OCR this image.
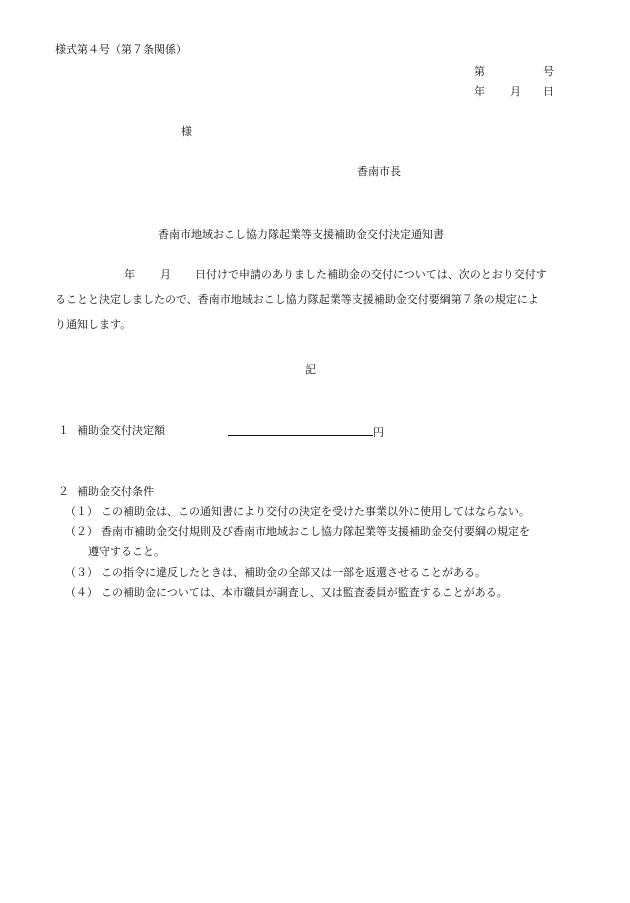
様式第４号（第７条関係）
第	号
年 月 日
様
香南市長
香南市地域おこし協力隊起業等支援補助金交付決定通知書
年 月 日付けで申請のありました補助金の交付については、次のとおり交付す
ることと決定しましたので、香南市地域おこし協力隊起業等支援補助金交付要綱第７条の規定によ
り通知します。
記
１ 補助金交付決定額	円
２ 補助金交付条件
（１） この補助金は、この通知書により交付の決定を受けた事業以外に使用してはならない。
（２） 香南市補助金交付規則及び香南市地域おこし協力隊起業等支援補助金交付要綱の規定を
遵守すること。
（３） この指令に違反したときは、補助金の全部又は一部を返還させることがある。
（４） この補助金については、本市職員が調査し、又は監査委員が監査することがある。
